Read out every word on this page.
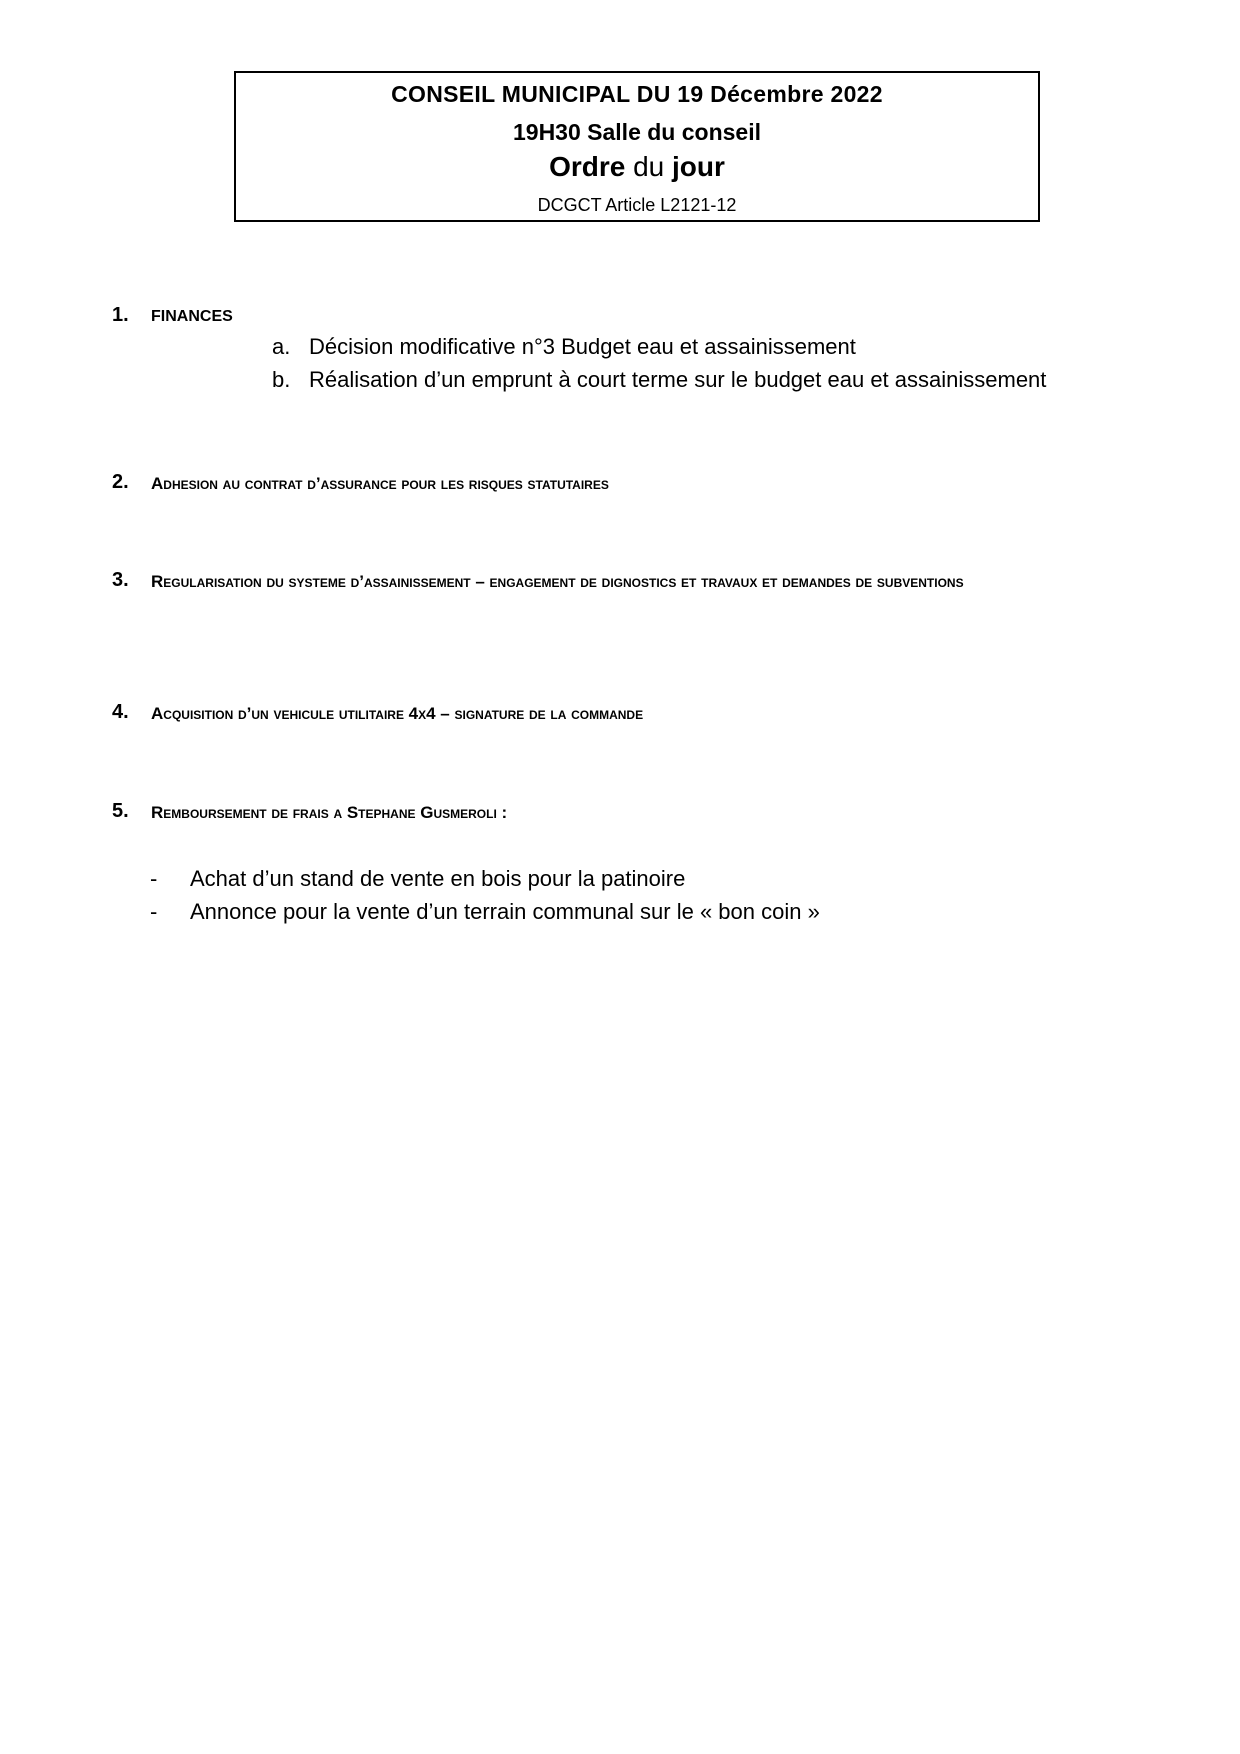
CONSEIL MUNICIPAL DU 19 Décembre 2022
19H30 Salle du conseil
Ordre du jour
DCGCT Article L2121-12
1. FINANCES
a. Décision modificative n°3 Budget eau et assainissement
b. Réalisation d’un emprunt à court terme sur le budget eau et assainissement
2. Adhesion au contrat d’assurance pour les risques statutaires
3. Regularisation du systeme d’assainissement – engagement de dignostics et travaux et demandes de subventions
4. Acquisition d’un vehicule utilitaire 4x4 – signature de la commande
5. Remboursement de frais a Stephane Gusmeroli :
- Achat d’un stand de vente en bois pour la patinoire
- Annonce pour la vente d’un terrain communal sur le « bon coin »
